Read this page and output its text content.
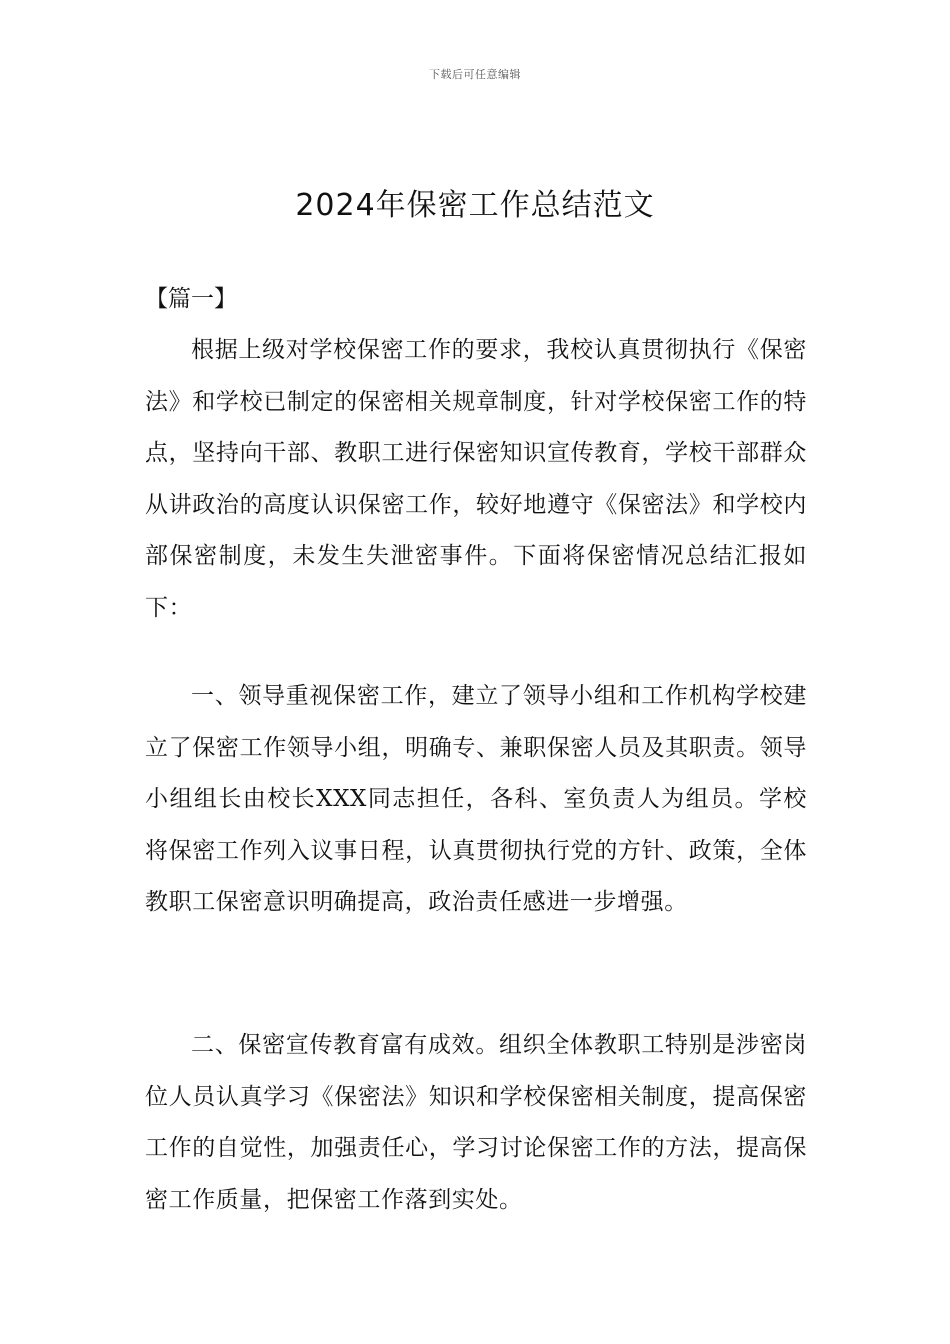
下载后可任意编辑
2024年保密工作总结范文
【篇一】

根据上级对学校保密工作的要求，我校认真贯彻执行《保密法》和学校已制定的保密相关规章制度，针对学校保密工作的特点，坚持向干部、教职工进行保密知识宣传教育，学校干部群众从讲政治的高度认识保密工作，较好地遵守《保密法》和学校内部保密制度，未发生失泄密事件。下面将保密情况总结汇报如下：

一、领导重视保密工作，建立了领导小组和工作机构学校建立了保密工作领导小组，明确专、兼职保密人员及其职责。领导小组组长由校长XXX同志担任，各科、室负责人为组员。学校将保密工作列入议事日程，认真贯彻执行党的方针、政策，全体教职工保密意识明确提高，政治责任感进一步增强。

二、保密宣传教育富有成效。组织全体教职工特别是涉密岗位人员认真学习《保密法》知识和学校保密相关制度，提高保密工作的自觉性，加强责任心，学习讨论保密工作的方法，提高保密工作质量，把保密工作落到实处。
